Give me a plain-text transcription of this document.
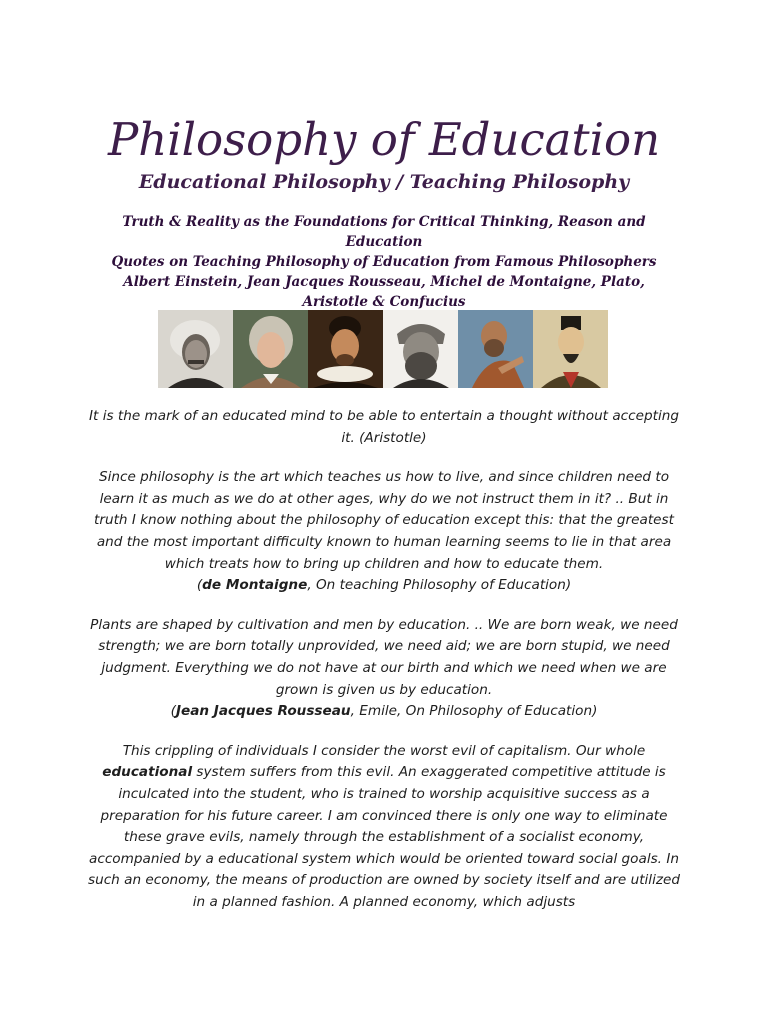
Philosophy of Education
Educational Philosophy / Teaching Philosophy
Truth & Reality as the Foundations for Critical Thinking, Reason and Education
Quotes on Teaching Philosophy of Education from Famous Philosophers
Albert Einstein, Jean Jacques Rousseau, Michel de Montaigne, Plato, Aristotle & Confucius

It is the mark of an educated mind to be able to entertain a thought without accepting it. (Aristotle)

Since philosophy is the art which teaches us how to live, and since children need to learn it as much as we do at other ages, why do we not instruct them in it? .. But in truth I know nothing about the philosophy of education except this: that the greatest and the most important difficulty known to human learning seems to lie in that area which treats how to bring up children and how to educate them.
(de Montaigne, On teaching Philosophy of Education)

Plants are shaped by cultivation and men by education. .. We are born weak, we need strength; we are born totally unprovided, we need aid; we are born stupid, we need judgment. Everything we do not have at our birth and which we need when we are grown is given us by education.
(Jean Jacques Rousseau, Emile, On Philosophy of Education)

This crippling of individuals I consider the worst evil of capitalism. Our whole educational system suffers from this evil. An exaggerated competitive attitude is inculcated into the student, who is trained to worship acquisitive success as a preparation for his future career. I am convinced there is only one way to eliminate these grave evils, namely through the establishment of a socialist economy, accompanied by a educational system which would be oriented toward social goals. In such an economy, the means of production are owned by society itself and are utilized in a planned fashion. A planned economy, which adjusts
